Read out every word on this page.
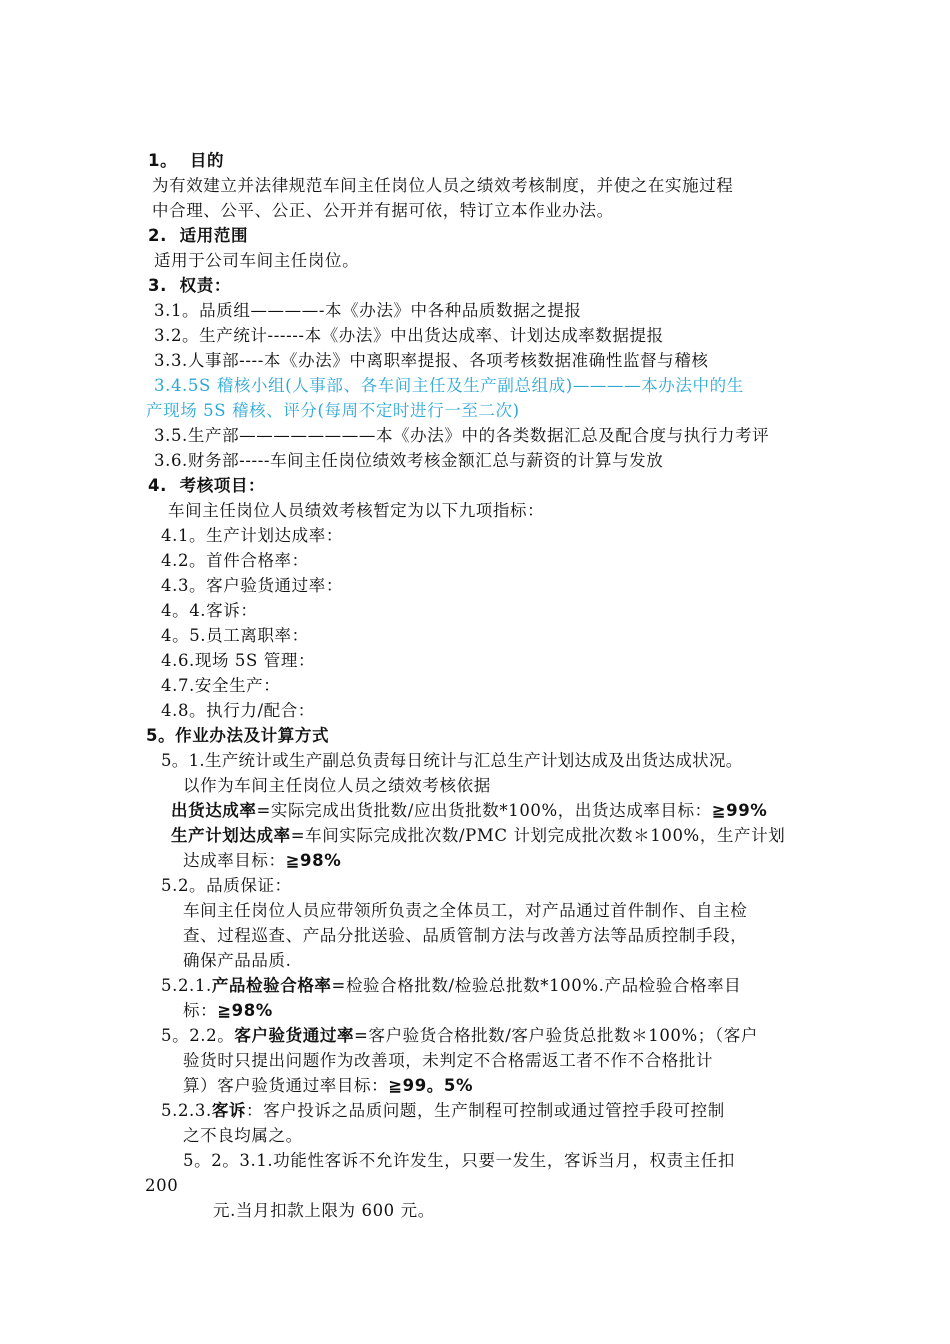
1。 目的
为有效建立并法律规范车间主任岗位人员之绩效考核制度，并使之在实施过程
中合理、公平、公正、公开并有据可依，特订立本作业办法。
2. 适用范围
适用于公司车间主任岗位。
3. 权责：
3.1。品质组————-本《办法》中各种品质数据之提报
3.2。生产统计------本《办法》中出货达成率、计划达成率数据提报
3.3.人事部----本《办法》中离职率提报、各项考核数据准确性监督与稽核
3.4.5S 稽核小组(人事部、各车间主任及生产副总组成)————本办法中的生
产现场 5S 稽核、评分(每周不定时进行一至二次)
3.5.生产部————————本《办法》中的各类数据汇总及配合度与执行力考评
3.6.财务部-----车间主任岗位绩效考核金额汇总与薪资的计算与发放
4. 考核项目：
车间主任岗位人员绩效考核暂定为以下九项指标：
4.1。生产计划达成率：
4.2。首件合格率：
4.3。客户验货通过率：
4。4.客诉：
4。5.员工离职率：
4.6.现场 5S 管理：
4.7.安全生产：
4.8。执行力/配合：
5。作业办法及计算方式
5。1.生产统计或生产副总负责每日统计与汇总生产计划达成及出货达成状况。
以作为车间主任岗位人员之绩效考核依据
出货达成率=实际完成出货批数/应出货批数*100%，出货达成率目标：≧99%
生产计划达成率=车间实际完成批次数/PMC 计划完成批次数＊100%，生产计划
达成率目标：≧98%
5.2。品质保证：
车间主任岗位人员应带领所负责之全体员工，对产品通过首件制作、自主检
查、过程巡查、产品分批送验、品质管制方法与改善方法等品质控制手段，
确保产品品质.
5.2.1.产品检验合格率=检验合格批数/检验总批数*100%.产品检验合格率目
标：≧98%
5。2.2。客户验货通过率=客户验货合格批数/客户验货总批数＊100%；（客户
验货时只提出问题作为改善项，未判定不合格需返工者不作不合格批计
算）客户验货通过率目标：≧99。5%
5.2.3.客诉：客户投诉之品质问题，生产制程可控制或通过管控手段可控制
之不良均属之。
5。2。3.1.功能性客诉不允许发生，只要一发生，客诉当月，权责主任扣
200
元.当月扣款上限为 600 元。
